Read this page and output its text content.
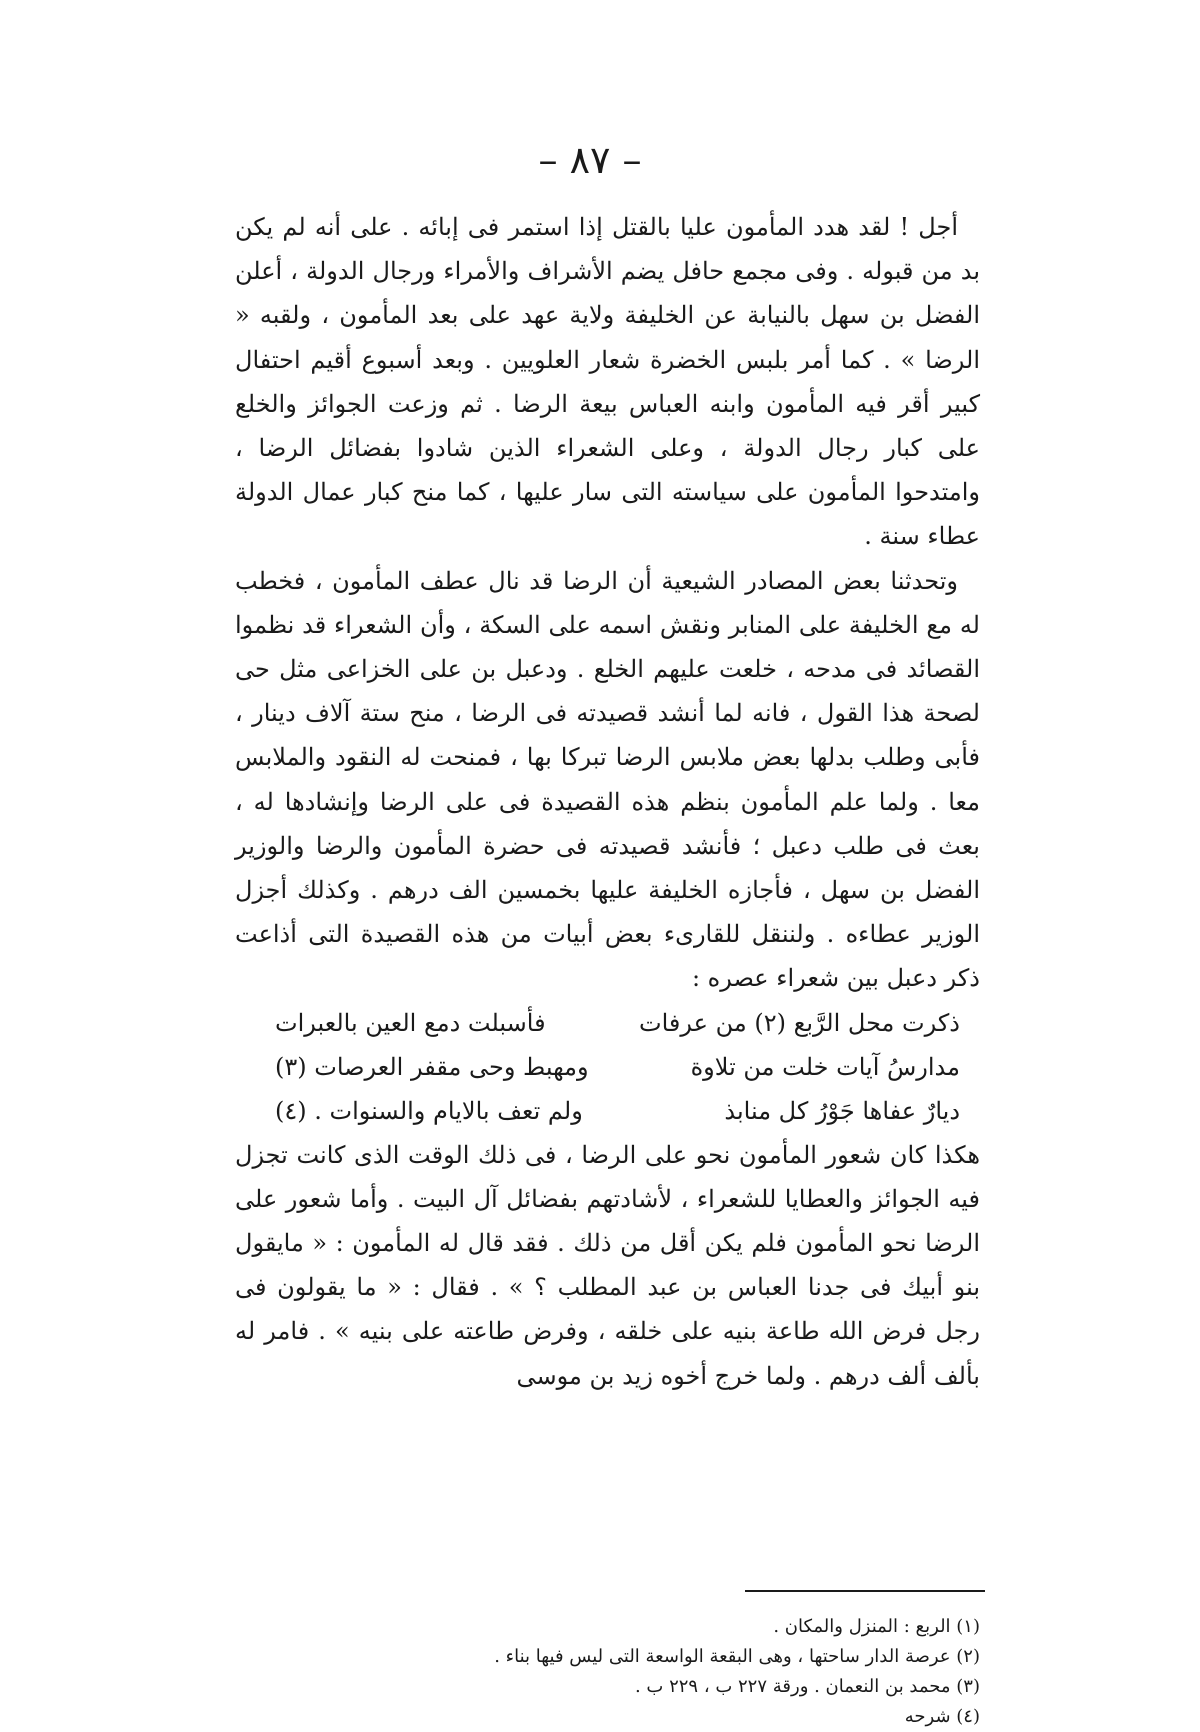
– ٨٧ –

أجل ! لقد هدد المأمون عليا بالقتل إذا استمر فى إبائه . على أنه لم يكن بد من قبوله . وفى مجمع حافل يضم الأشراف والأمراء ورجال الدولة ، أعلن الفضل بن سهل بالنيابة عن الخليفة ولاية عهد على بعد المأمون ، ولقبه « الرضا » . كما أمر بلبس الخضرة شعار العلويين . وبعد أسبوع أقيم احتفال كبير أقر فيه المأمون وابنه العباس بيعة الرضا . ثم وزعت الجوائز والخلع على كبار رجال الدولة ، وعلى الشعراء الذين شادوا بفضائل الرضا ، وامتدحوا المأمون على سياسته التى سار عليها ، كما منح كبار عمال الدولة عطاء سنة .

وتحدثنا بعض المصادر الشيعية أن الرضا قد نال عطف المأمون ، فخطب له مع الخليفة على المنابر ونقش اسمه على السكة ، وأن الشعراء قد نظموا القصائد فى مدحه ، خلعت عليهم الخلع . ودعبل بن على الخزاعى مثل حى لصحة هذا القول ، فانه لما أنشد قصيدته فى الرضا ، منح ستة آلاف دينار ، فأبى وطلب بدلها بعض ملابس الرضا تبركا بها ، فمنحت له النقود والملابس معا . ولما علم المأمون بنظم هذه القصيدة فى على الرضا وإنشادها له ، بعث فى طلب دعبل ؛ فأنشد قصيدته فى حضرة المأمون والرضا والوزير الفضل بن سهل ، فأجازه الخليفة عليها بخمسين الف درهم . وكذلك أجزل الوزير عطاءه . ولننقل للقارىء بعض أبيات من هذه القصيدة التى أذاعت ذكر دعبل بين شعراء عصره :

ذكرت محل الرَّبع (٢) من عرفات
فأسبلت دمع العين بالعبرات
مدارسُ آيات خلت من تلاوة
ومهبط وحى مقفر العرصات (٣)
ديارٌ عفاها جَوْرُ كل منابذ
ولم تعف بالايام والسنوات . (٤)

هكذا كان شعور المأمون نحو على الرضا ، فى ذلك الوقت الذى كانت تجزل فيه الجوائز والعطايا للشعراء ، لأشادتهم بفضائل آل البيت . وأما شعور على الرضا نحو المأمون فلم يكن أقل من ذلك . فقد قال له المأمون : « مايقول بنو أبيك فى جدنا العباس بن عبد المطلب ؟ » . فقال : « ما يقولون فى رجل فرض الله طاعة بنيه على خلقه ، وفرض طاعته على بنيه » . فامر له بألف ألف درهم . ولما خرج أخوه زيد بن موسى

(١) الربع : المنزل والمكان .
(٢) عرصة الدار ساحتها ، وهى البقعة الواسعة التى ليس فيها بناء .
(٣) محمد بن النعمان . ورقة ٢٢٧ ب ، ٢٢٩ ب .
(٤) شرحه
